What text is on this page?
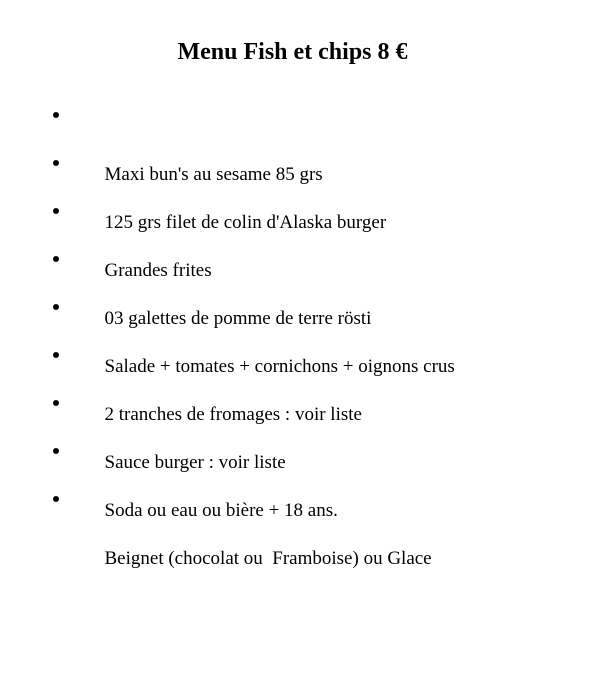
Menu Fish et chips 8 €

Maxi bun's au sesame 85 grs

125 grs filet de colin d'Alaska burger

Grandes frites

03 galettes de pomme de terre rösti

Salade + tomates + cornichons + oignons crus

2 tranches de fromages : voir liste

Sauce burger : voir liste

Soda ou eau ou bière + 18 ans.

Beignet (chocolat ou  Framboise) ou Glace
